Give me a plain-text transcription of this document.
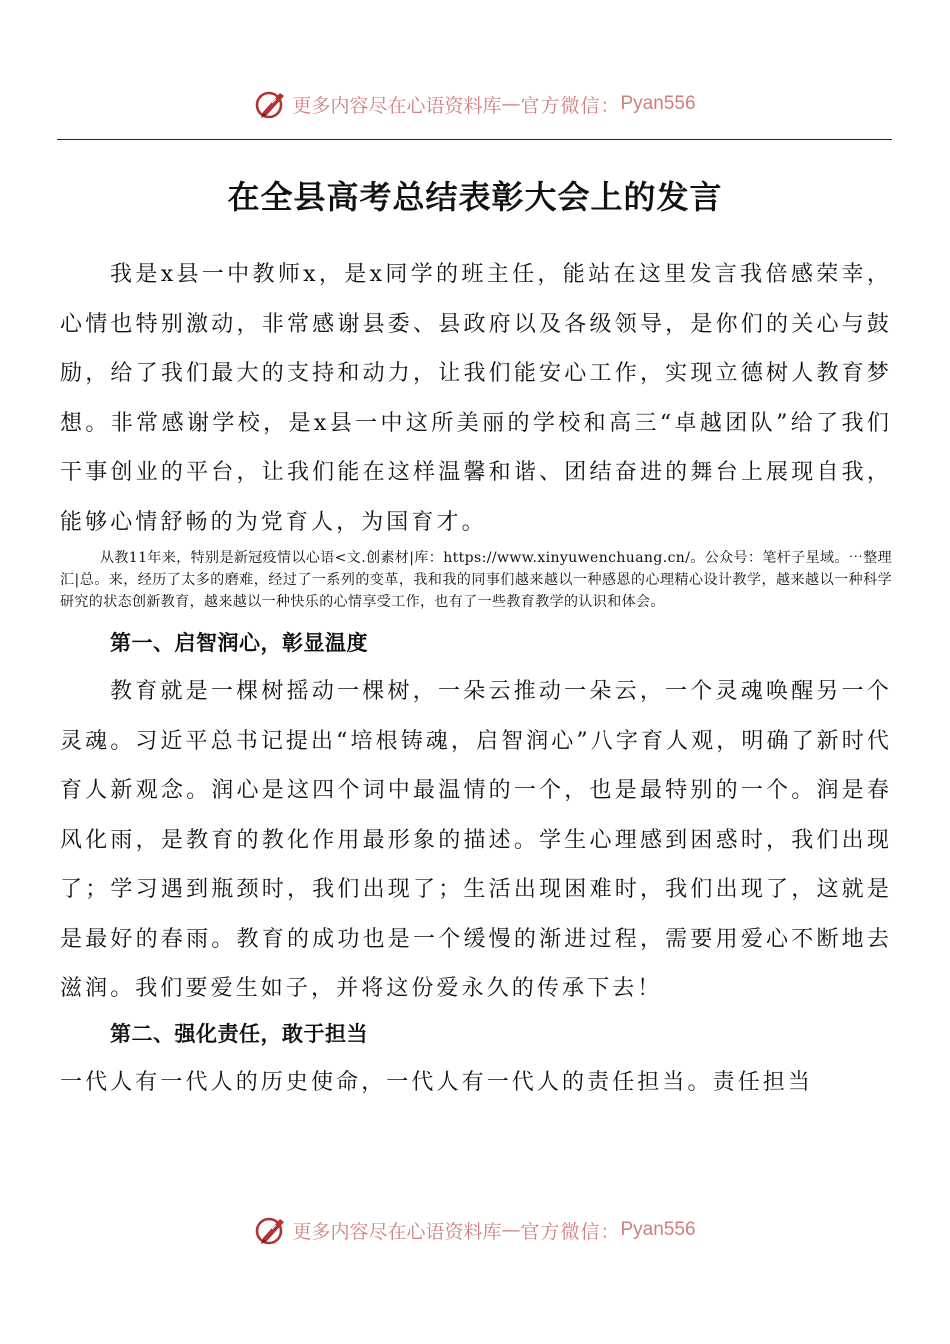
更多内容尽在心语资料库 — 官方微信： Pyan556
在全县高考总结表彰大会上的发言

我是x县一中教师x，是x同学的班主任，能站在这里发言我倍感荣幸，心情也特别激动，非常感谢县委、县政府以及各级领导，是你们的关心与鼓励，给了我们最大的支持和动力，让我们能安心工作，实现立德树人教育梦想。非常感谢学校，是x县一中这所美丽的学校和高三“卓越团队”给了我们干事创业的平台，让我们能在这样温馨和谐、团结奋进的舞台上展现自我，能够心情舒畅的为党育人，为国育才。

从教11年来，特别是新冠疫情以心语<文.创素材|库：https://www.xinyuwenchuang.cn/。公众号：笔杆子星域。⋯整理汇|总。来，经历了太多的磨难，经过了一系列的变革，我和我的同事们越来越以一种感恩的心理精心设计教学，越来越以一种科学研究的状态创新教育，越来越以一种快乐的心情享受工作，也有了一些教育教学的认识和体会。

第一、启智润心，彰显温度

教育就是一棵树摇动一棵树，一朵云推动一朵云，一个灵魂唤醒另一个灵魂。习近平总书记提出“培根铸魂，启智润心”八字育人观，明确了新时代育人新观念。润心是这四个词中最温情的一个，也是最特别的一个。润是春风化雨，是教育的教化作用最形象的描述。学生心理感到困惑时，我们出现了；学习遇到瓶颈时，我们出现了；生活出现困难时，我们出现了，这就是是最好的春雨。教育的成功也是一个缓慢的渐进过程，需要用爱心不断地去滋润。我们要爱生如子，并将这份爱永久的传承下去！

第二、强化责任，敢于担当

一代人有一代人的历史使命，一代人有一代人的责任担当。责任担当

更多内容尽在心语资料库 — 官方微信： Pyan556
